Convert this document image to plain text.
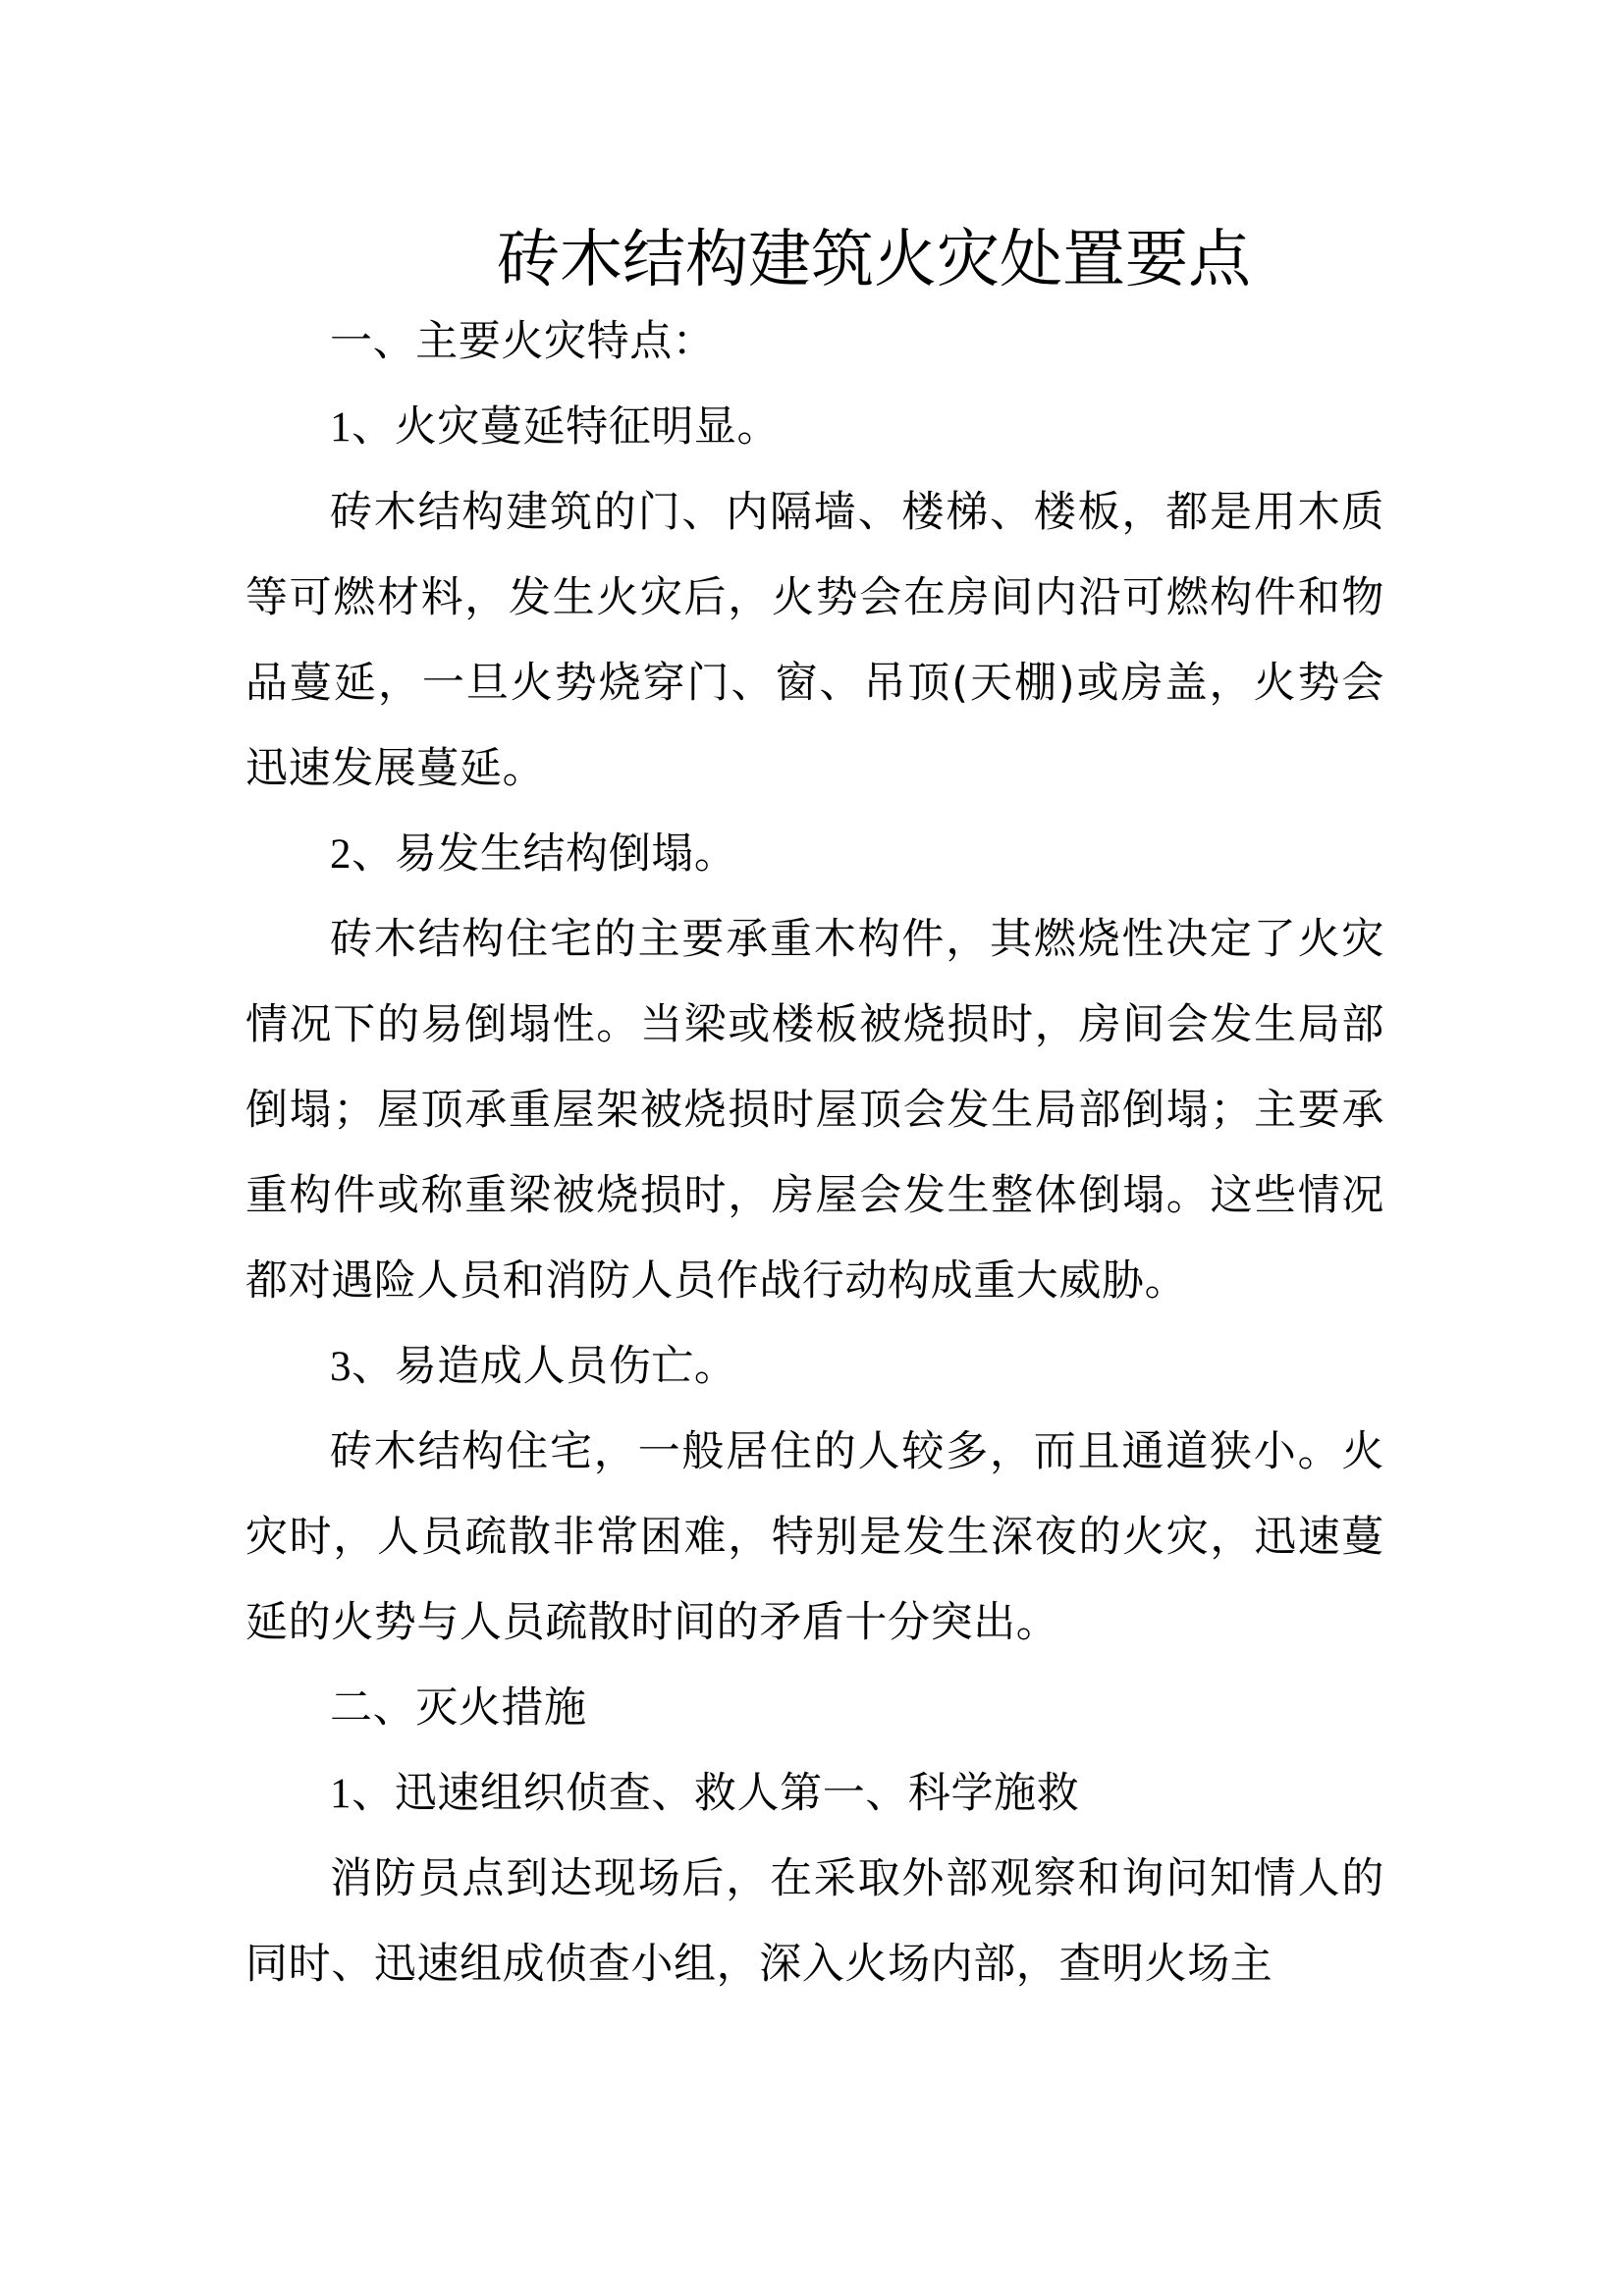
砖木结构建筑火灾处置要点

一、主要火灾特点：

1、火灾蔓延特征明显。

砖木结构建筑的门、内隔墙、楼梯、楼板，都是用木质等可燃材料，发生火灾后，火势会在房间内沿可燃构件和物品蔓延，一旦火势烧穿门、窗、吊顶(天棚)或房盖，火势会迅速发展蔓延。

2、易发生结构倒塌。

砖木结构住宅的主要承重木构件，其燃烧性决定了火灾情况下的易倒塌性。当梁或楼板被烧损时，房间会发生局部倒塌；屋顶承重屋架被烧损时屋顶会发生局部倒塌；主要承重构件或称重梁被烧损时，房屋会发生整体倒塌。这些情况都对遇险人员和消防人员作战行动构成重大威胁。

3、易造成人员伤亡。

砖木结构住宅，一般居住的人较多，而且通道狭小。火灾时，人员疏散非常困难，特别是发生深夜的火灾，迅速蔓延的火势与人员疏散时间的矛盾十分突出。

二、灭火措施

1、迅速组织侦查、救人第一、科学施救

消防员点到达现场后，在采取外部观察和询问知情人的同时、迅速组成侦查小组，深入火场内部，查明火场主
